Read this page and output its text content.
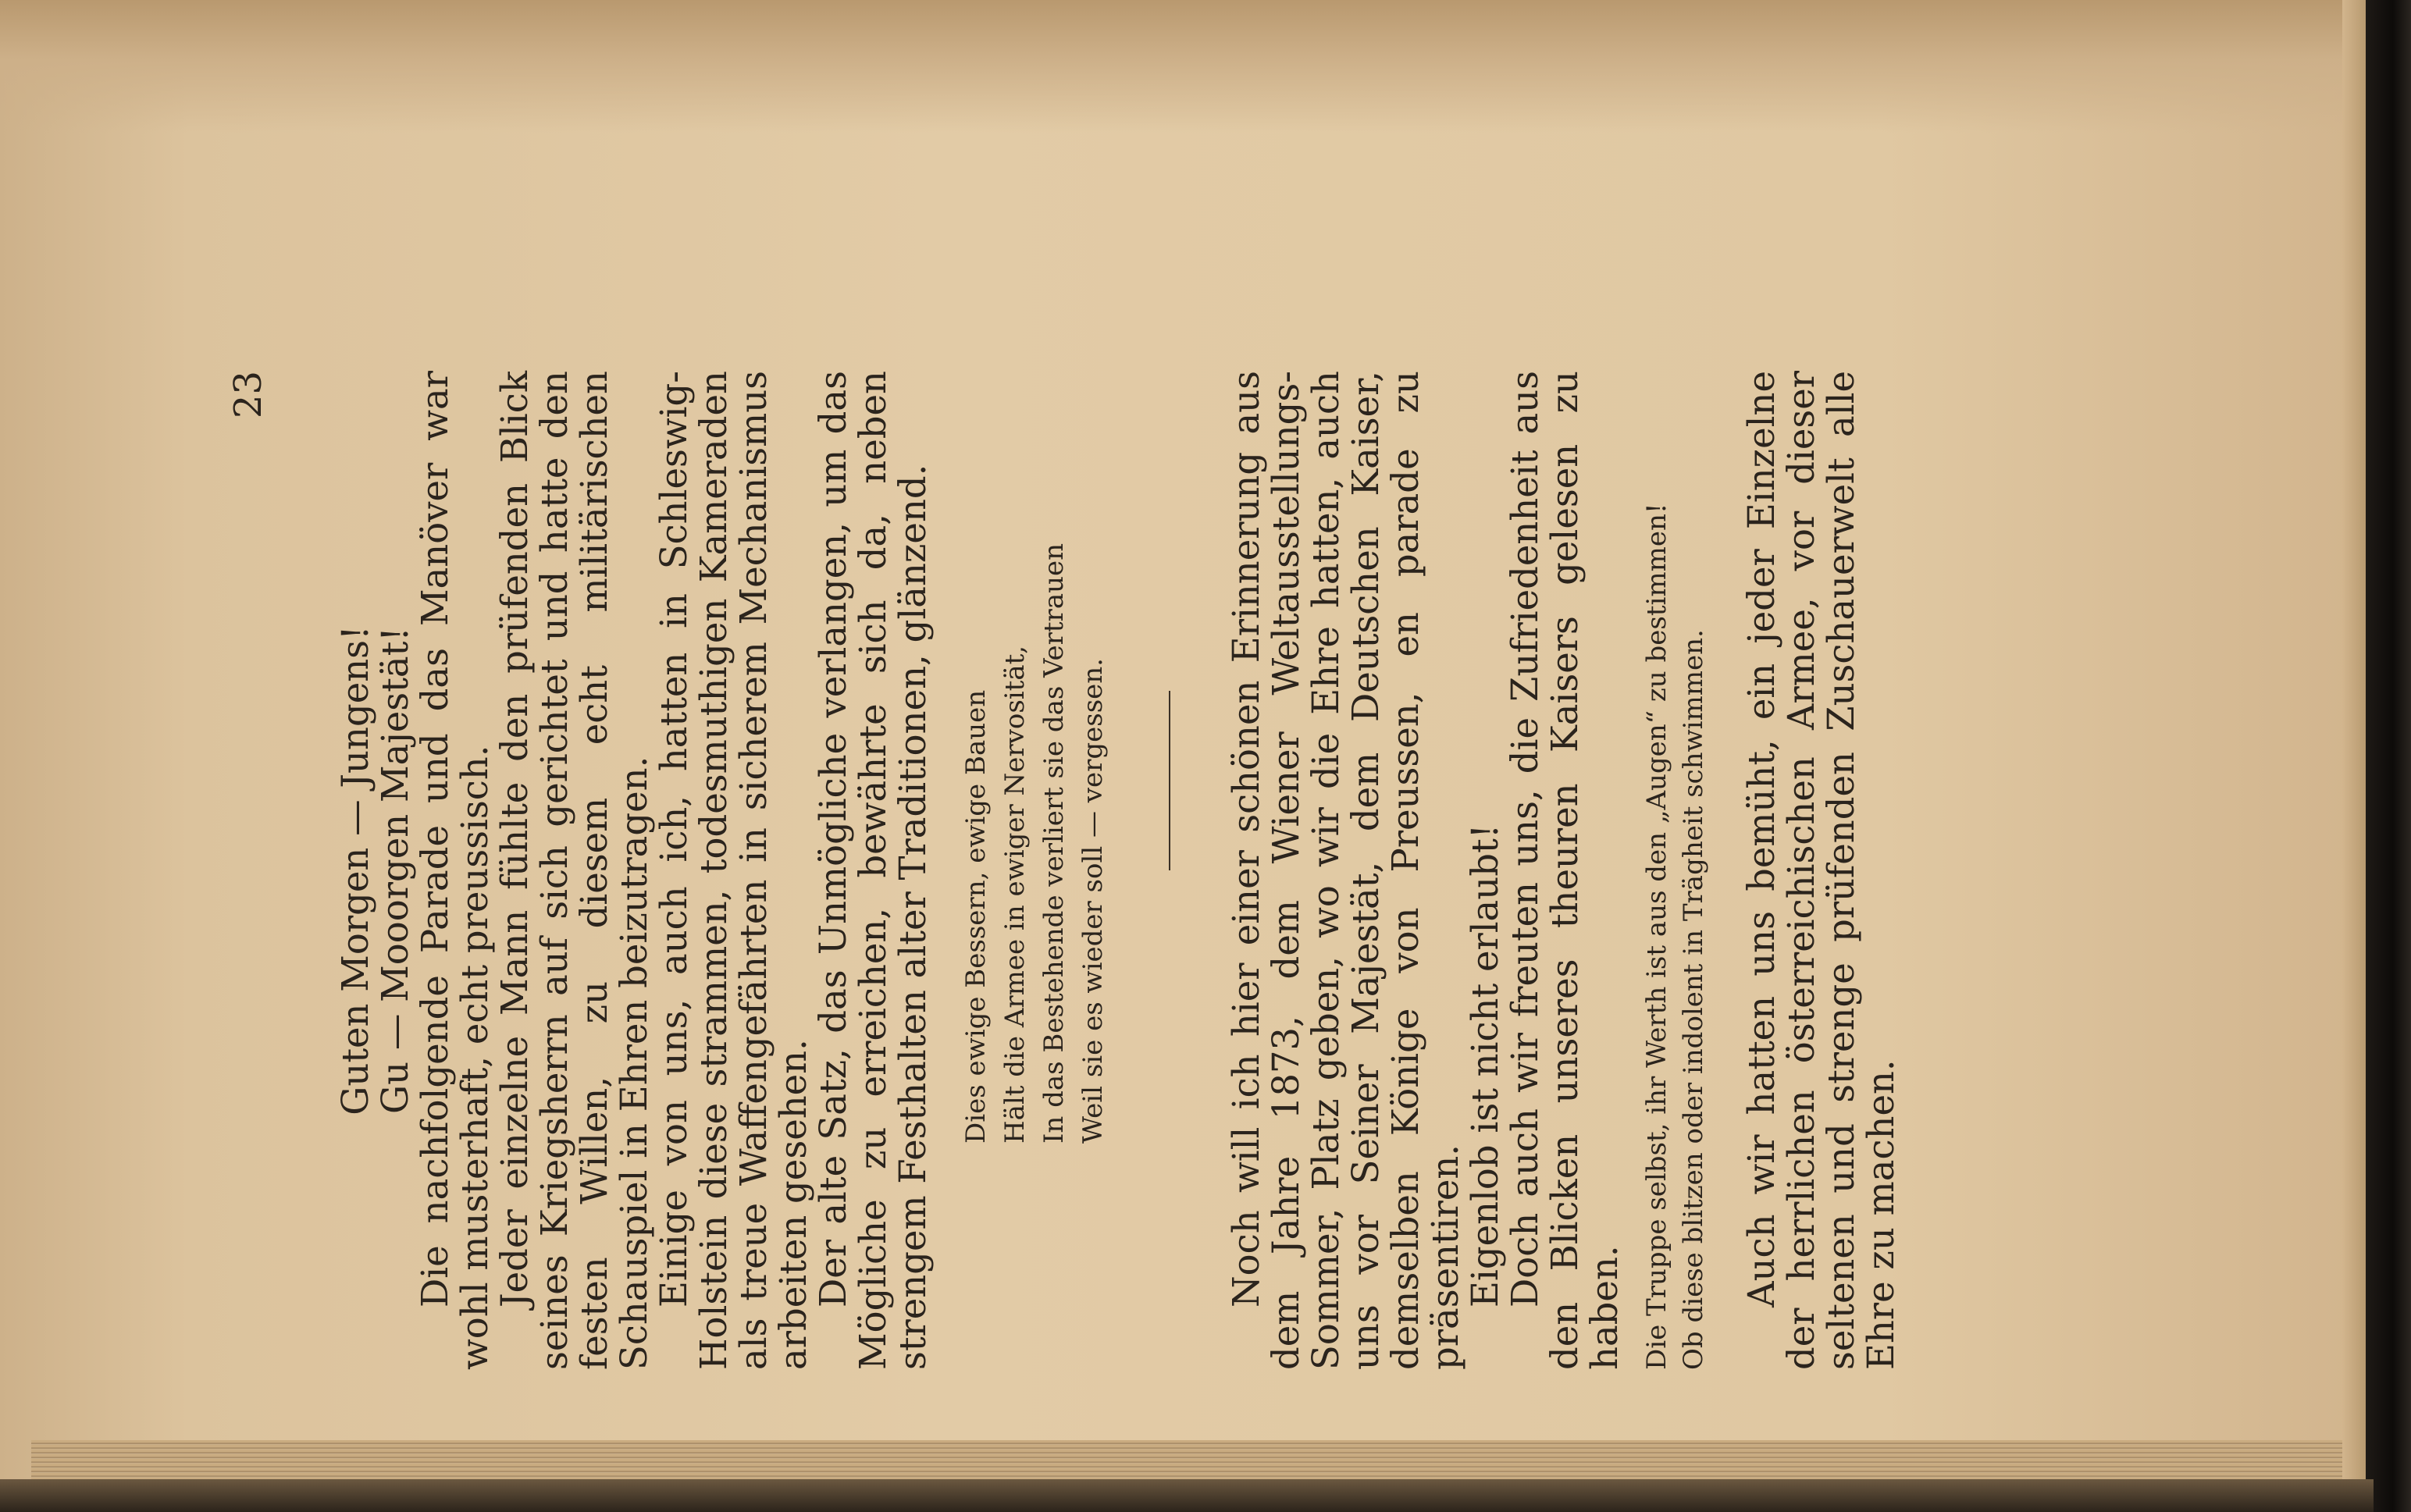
23

Guten Morgen — Jungens!

Gu — Mooorgen Majestät!

Die nachfolgende Parade und das Manöver war wohl musterhaft, echt preussisch.

Jeder einzelne Mann fühlte den prüfenden Blick seines Kriegsherrn auf sich gerichtet und hatte den festen Willen, zu diesem echt militärischen Schauspiel in Ehren beizutragen.

Einige von uns, auch ich, hatten in Schleswig-Holstein diese strammen, todesmuthigen Kameraden als treue Waffengefährten in sicherem Mechanismus arbeiten gesehen.

Der alte Satz, das Unmögliche verlangen, um das Mögliche zu erreichen, bewährte sich da, neben strengem Festhalten alter Traditionen, glänzend. Dies ewige Bessern, ewige Bauen Hält die Armee in ewiger Nervosität, In das Bestehende verliert sie das Vertrauen Weil sie es wieder soll — vergessen.	Noch will ich hier einer schönen Erinnerung aus dem Jahre 1873, dem Wiener Weltausstellungs-Sommer, Platz geben, wo wir die Ehre hatten, auch uns vor Seiner Majestät, dem Deutschen Kaiser, demselben Könige von Preussen, en parade zu präsentiren.

Eigenlob ist nicht erlaubt!

Doch auch wir freuten uns, die Zufriedenheit aus den Blicken unseres theuren Kaisers gelesen zu haben. Die Truppe selbst, ihr Werth ist aus den „Augen“ zu bestimmen! Ob diese blitzen oder indolent in Trägheit schwimmen. Auch wir hatten uns bemüht, ein jeder Einzelne der herrlichen österreichischen Armee, vor dieser seltenen und strenge prüfenden Zuschauerwelt alle Ehre zu machen.
